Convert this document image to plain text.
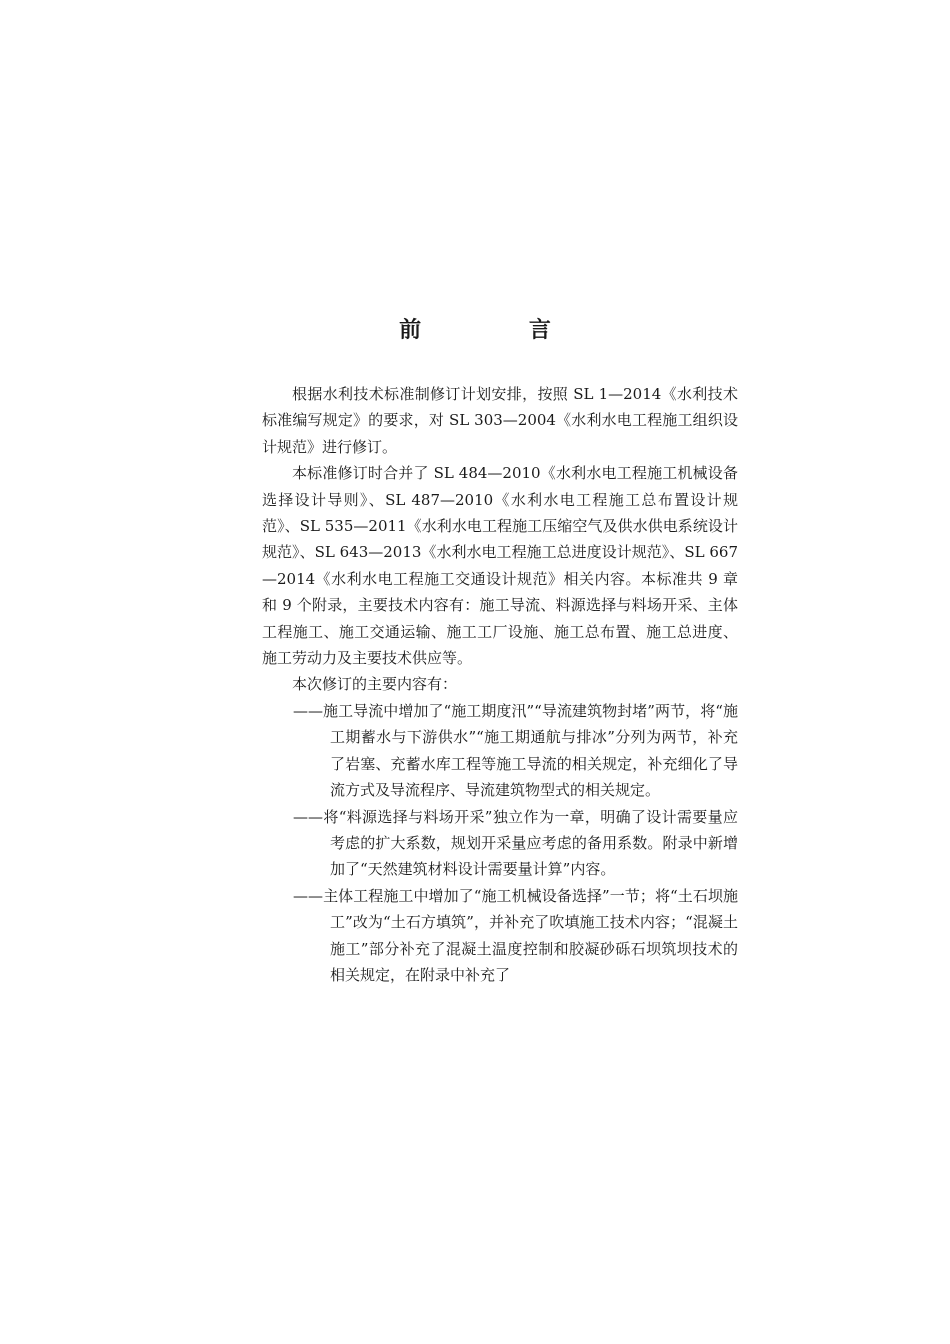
前 言

根据水利技术标准制修订计划安排，按照 SL 1—2014《水利技术标准编写规定》的要求，对 SL 303—2004《水利水电工程施工组织设计规范》进行修订。

本标准修订时合并了 SL 484—2010《水利水电工程施工机械设备选择设计导则》、SL 487—2010《水利水电工程施工总布置设计规范》、SL 535—2011《水利水电工程施工压缩空气及供水供电系统设计规范》、SL 643—2013《水利水电工程施工总进度设计规范》、SL 667—2014《水利水电工程施工交通设计规范》相关内容。本标准共 9 章和 9 个附录，主要技术内容有：施工导流、料源选择与料场开采、主体工程施工、施工交通运输、施工工厂设施、施工总布置、施工总进度、施工劳动力及主要技术供应等。

本次修订的主要内容有：

——施工导流中增加了“施工期度汛”“导流建筑物封堵”两节，将“施工期蓄水与下游供水”“施工期通航与排冰”分列为两节，补充了岩塞、充蓄水库工程等施工导流的相关规定，补充细化了导流方式及导流程序、导流建筑物型式的相关规定。

——将“料源选择与料场开采”独立作为一章，明确了设计需要量应考虑的扩大系数，规划开采量应考虑的备用系数。附录中新增加了“天然建筑材料设计需要量计算”内容。

——主体工程施工中增加了“施工机械设备选择”一节；将“土石坝施工”改为“土石方填筑”，并补充了吹填施工技术内容；“混凝土施工”部分补充了混凝土温度控制和胶凝砂砾石坝筑坝技术的相关规定，在附录中补充了
